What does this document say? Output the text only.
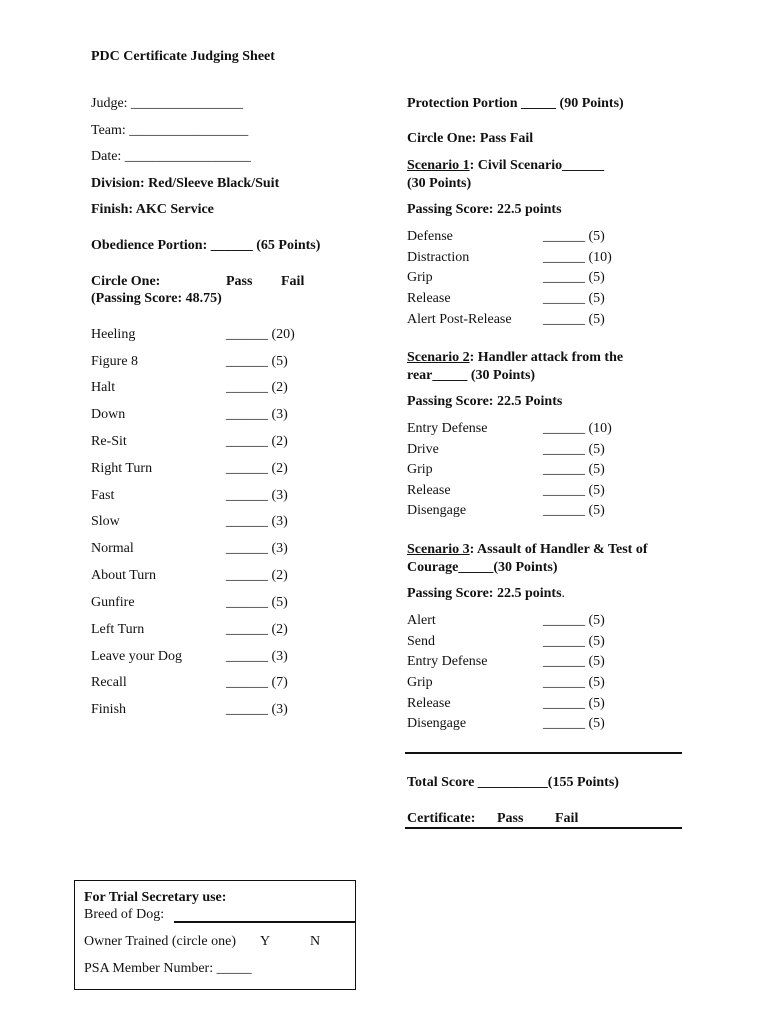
PDC Certificate Judging Sheet
Judge: ________________
Team: _________________
Date: __________________
Division: Red/Sleeve Black/Suit
Finish: AKC Service
Obedience Portion: ______ (65 Points)
Circle One:	Pass Fail
(Passing Score: 48.75)
Heeling	______ (20)
Figure 8	______ (5)
Halt	______ (2)
Down	______ (3)
Re-Sit	______ (2)
Right Turn	______ (2)
Fast	______ (3)
Slow	______ (3)
Normal	______ (3)
About Turn	______ (2)
Gunfire	______ (5)
Left Turn	______ (2)
Leave your Dog	______ (3)
Recall	______ (7)
Finish	______ (3)
Protection Portion _____ (90 Points)
Circle One: Pass Fail
Scenario 1: Civil Scenario______
(30 Points)
Passing Score: 22.5 points
Defense	______ (5)
Distraction	______ (10)
Grip	______ (5)
Release	______ (5)
Alert Post-Release ______ (5)
Scenario 2: Handler attack from the
rear_____ (30 Points)
Passing Score: 22.5 Points
Entry Defense	______ (10)
Drive	______ (5)
Grip	______ (5)
Release	______ (5)
Disengage	______ (5)
Scenario 3: Assault of Handler & Test of
Courage_____(30 Points)
Passing Score: 22.5 points.
Alert	______ (5)
Send	______ (5)
Entry Defense	______ (5)
Grip	______ (5)
Release	______ (5)
Disengage	______ (5)
Total Score __________(155 Points)
Certificate: Pass Fail
For Trial Secretary use:
Breed of Dog:
Owner Trained (circle one) Y	N
PSA Member Number: _____
